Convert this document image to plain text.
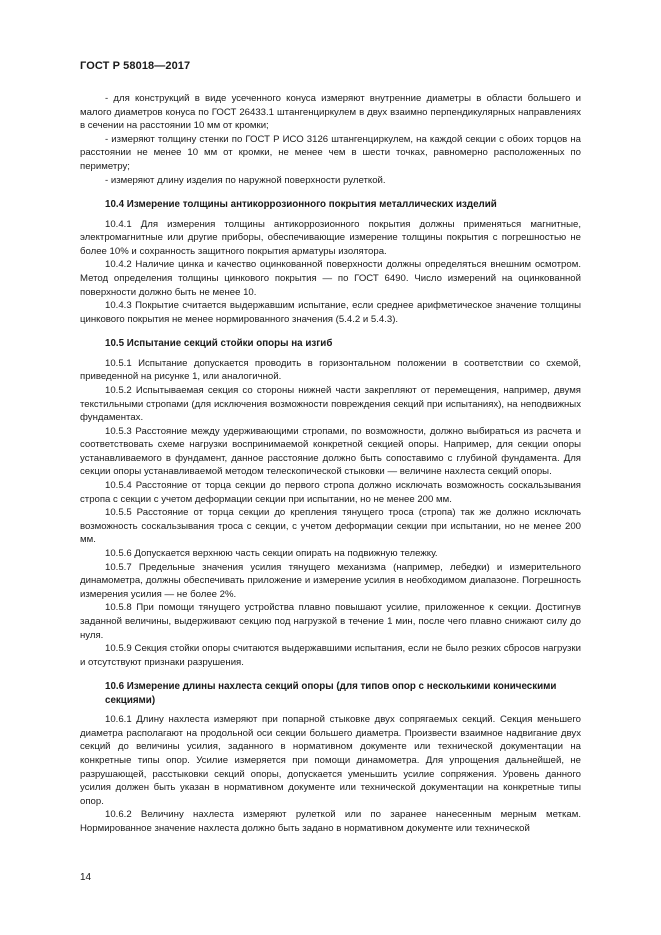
ГОСТ Р 58018—2017
- для конструкций в виде усеченного конуса измеряют внутренние диаметры в области большего и малого диаметров конуса по ГОСТ 26433.1 штангенциркулем в двух взаимно перпендикулярных направлениях в сечении на расстоянии 10 мм от кромки;
- измеряют толщину стенки по ГОСТ Р ИСО 3126 штангенциркулем, на каждой секции с обоих торцов на расстоянии не менее 10 мм от кромки, не менее чем в шести точках, равномерно расположенных по периметру;
- измеряют длину изделия по наружной поверхности рулеткой.
10.4 Измерение толщины антикоррозионного покрытия металлических изделий
10.4.1 Для измерения толщины антикоррозионного покрытия должны применяться магнитные, электромагнитные или другие приборы, обеспечивающие измерение толщины покрытия с погрешностью не более 10% и сохранность защитного покрытия арматуры изолятора.
10.4.2 Наличие цинка и качество оцинкованной поверхности должны определяться внешним осмотром. Метод определения толщины цинкового покрытия — по ГОСТ 6490. Число измерений на оцинкованной поверхности должно быть не менее 10.
10.4.3 Покрытие считается выдержавшим испытание, если среднее арифметическое значение толщины цинкового покрытия не менее нормированного значения (5.4.2 и 5.4.3).
10.5 Испытание секций стойки опоры на изгиб
10.5.1 Испытание допускается проводить в горизонтальном положении в соответствии со схемой, приведенной на рисунке 1, или аналогичной.
10.5.2 Испытываемая секция со стороны нижней части закрепляют от перемещения, например, двумя текстильными стропами (для исключения возможности повреждения секций при испытаниях), на неподвижных фундаментах.
10.5.3 Расстояние между удерживающими стропами, по возможности, должно выбираться из расчета и соответствовать схеме нагрузки воспринимаемой конкретной секцией опоры. Например, для секции опоры устанавливаемого в фундамент, данное расстояние должно быть сопоставимо с глубиной фундамента. Для секции опоры устанавливаемой методом телескопической стыковки — величине нахлеста секций опоры.
10.5.4 Расстояние от торца секции до первого стропа должно исключать возможность соскальзывания стропа с секции с учетом деформации секции при испытании, но не менее 200 мм.
10.5.5 Расстояние от торца секции до крепления тянущего троса (стропа) так же должно исключать возможность соскальзывания троса с секции, с учетом деформации секции при испытании, но не менее 200 мм.
10.5.6 Допускается верхнюю часть секции опирать на подвижную тележку.
10.5.7 Предельные значения усилия тянущего механизма (например, лебедки) и измерительного динамометра, должны обеспечивать приложение и измерение усилия в необходимом диапазоне. Погрешность измерения усилия — не более 2%.
10.5.8 При помощи тянущего устройства плавно повышают усилие, приложенное к секции. Достигнув заданной величины, выдерживают секцию под нагрузкой в течение 1 мин, после чего плавно снижают силу до нуля.
10.5.9 Секция стойки опоры считаются выдержавшими испытания, если не было резких сбросов нагрузки и отсутствуют признаки разрушения.
10.6 Измерение длины нахлеста секций опоры (для типов опор с несколькими коническими секциями)
10.6.1 Длину нахлеста измеряют при попарной стыковке двух сопрягаемых секций. Секция меньшего диаметра располагают на продольной оси секции большего диаметра. Произвести взаимное надвигание двух секций до величины усилия, заданного в нормативном документе или технической документации на конкретные типы опор. Усилие измеряется при помощи динамометра. Для упрощения дальнейшей, не разрушающей, расстыковки секций опоры, допускается уменьшить усилие сопряжения. Уровень данного усилия должен быть указан в нормативном документе или технической документации на конкретные типы опор.
10.6.2 Величину нахлеста измеряют рулеткой или по заранее нанесенным мерным меткам. Нормированное значение нахлеста должно быть задано в нормативном документе или технической
14
